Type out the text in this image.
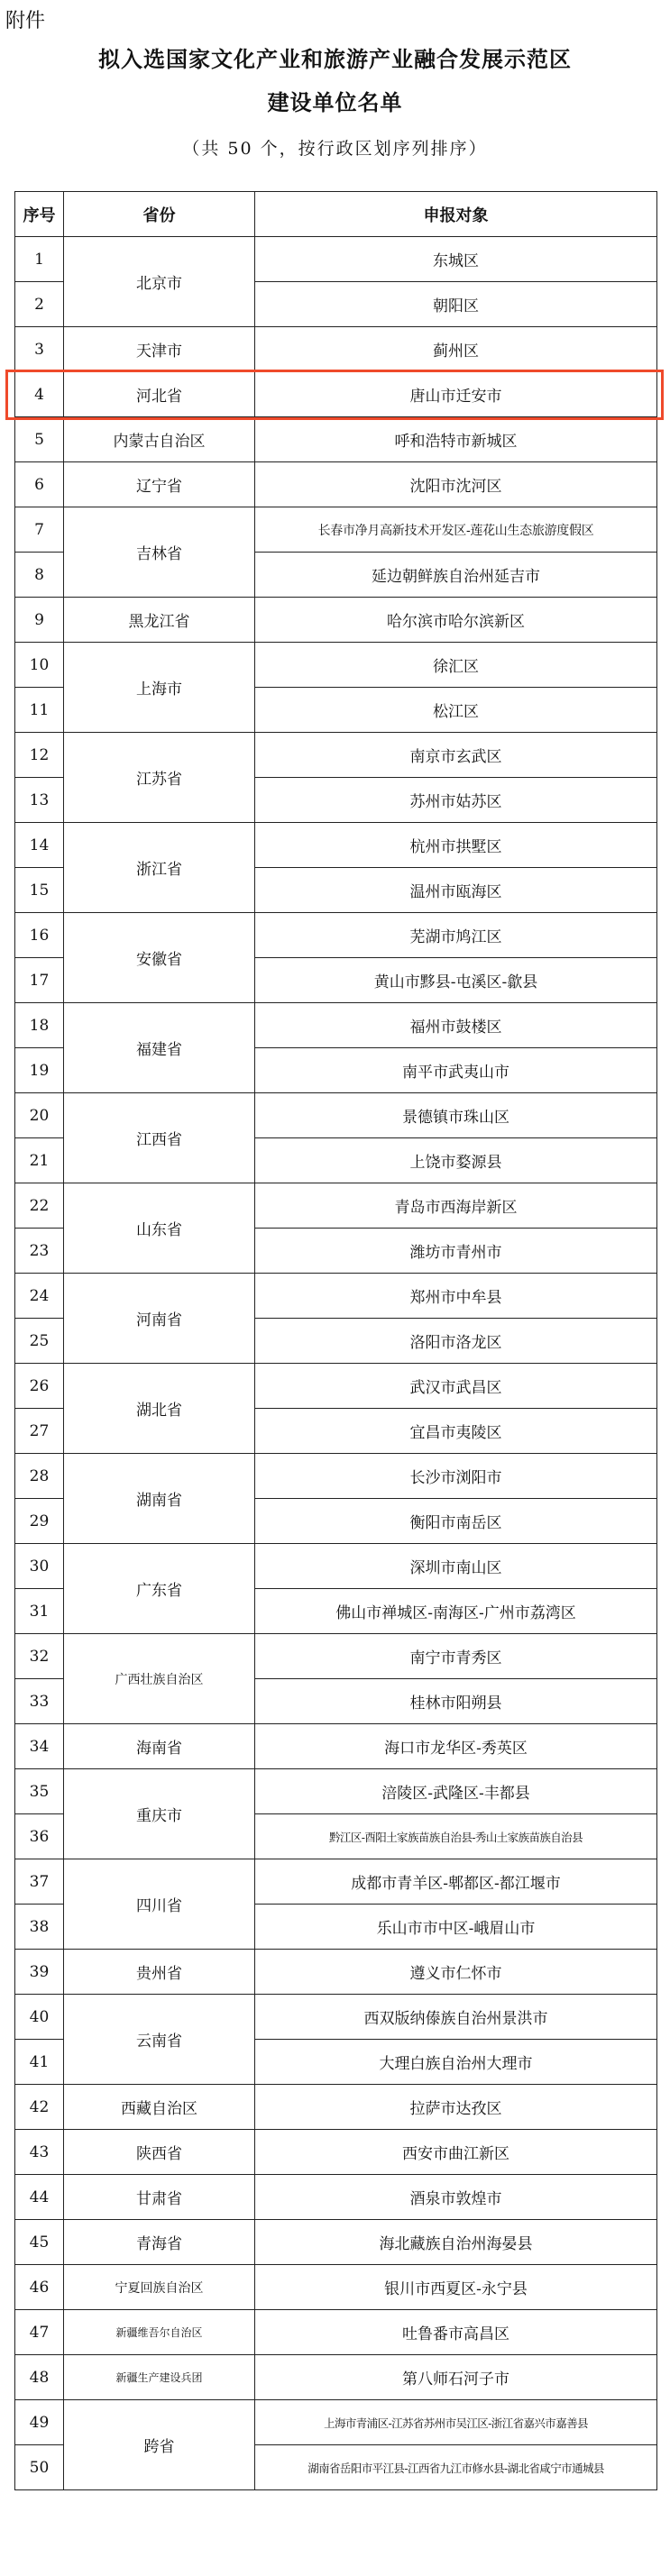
附件
拟入选国家文化产业和旅游产业融合发展示范区
建设单位名单
（共 50 个，按行政区划序列排序）
序号	省份	申报对象
1	北京市	东城区
2		朝阳区
3	天津市	蓟州区
4	河北省	唐山市迁安市
5	内蒙古自治区	呼和浩特市新城区
6	辽宁省	沈阳市沈河区
7	吉林省	长春市净月高新技术开发区-莲花山生态旅游度假区
8		延边朝鲜族自治州延吉市
9	黑龙江省	哈尔滨市哈尔滨新区
10	上海市	徐汇区
11		松江区
12	江苏省	南京市玄武区
13		苏州市姑苏区
14	浙江省	杭州市拱墅区
15		温州市瓯海区
16	安徽省	芜湖市鸠江区
17		黄山市黟县-屯溪区-歙县
18	福建省	福州市鼓楼区
19		南平市武夷山市
20	江西省	景德镇市珠山区
21		上饶市婺源县
22	山东省	青岛市西海岸新区
23		潍坊市青州市
24	河南省	郑州市中牟县
25		洛阳市洛龙区
26	湖北省	武汉市武昌区
27		宜昌市夷陵区
28	湖南省	长沙市浏阳市
29		衡阳市南岳区
30	广东省	深圳市南山区
31		佛山市禅城区-南海区-广州市荔湾区
32	广西壮族自治区	南宁市青秀区
33		桂林市阳朔县
34	海南省	海口市龙华区-秀英区
35	重庆市	涪陵区-武隆区-丰都县
36		黔江区-酉阳土家族苗族自治县-秀山土家族苗族自治县
37	四川省	成都市青羊区-郫都区-都江堰市
38		乐山市市中区-峨眉山市
39	贵州省	遵义市仁怀市
40	云南省	西双版纳傣族自治州景洪市
41		大理白族自治州大理市
42	西藏自治区	拉萨市达孜区
43	陕西省	西安市曲江新区
44	甘肃省	酒泉市敦煌市
45	青海省	海北藏族自治州海晏县
46	宁夏回族自治区	银川市西夏区-永宁县
47	新疆维吾尔自治区	吐鲁番市高昌区
48	新疆生产建设兵团	第八师石河子市
49	跨省	上海市青浦区-江苏省苏州市吴江区-浙江省嘉兴市嘉善县
50		湖南省岳阳市平江县-江西省九江市修水县-湖北省咸宁市通城县
